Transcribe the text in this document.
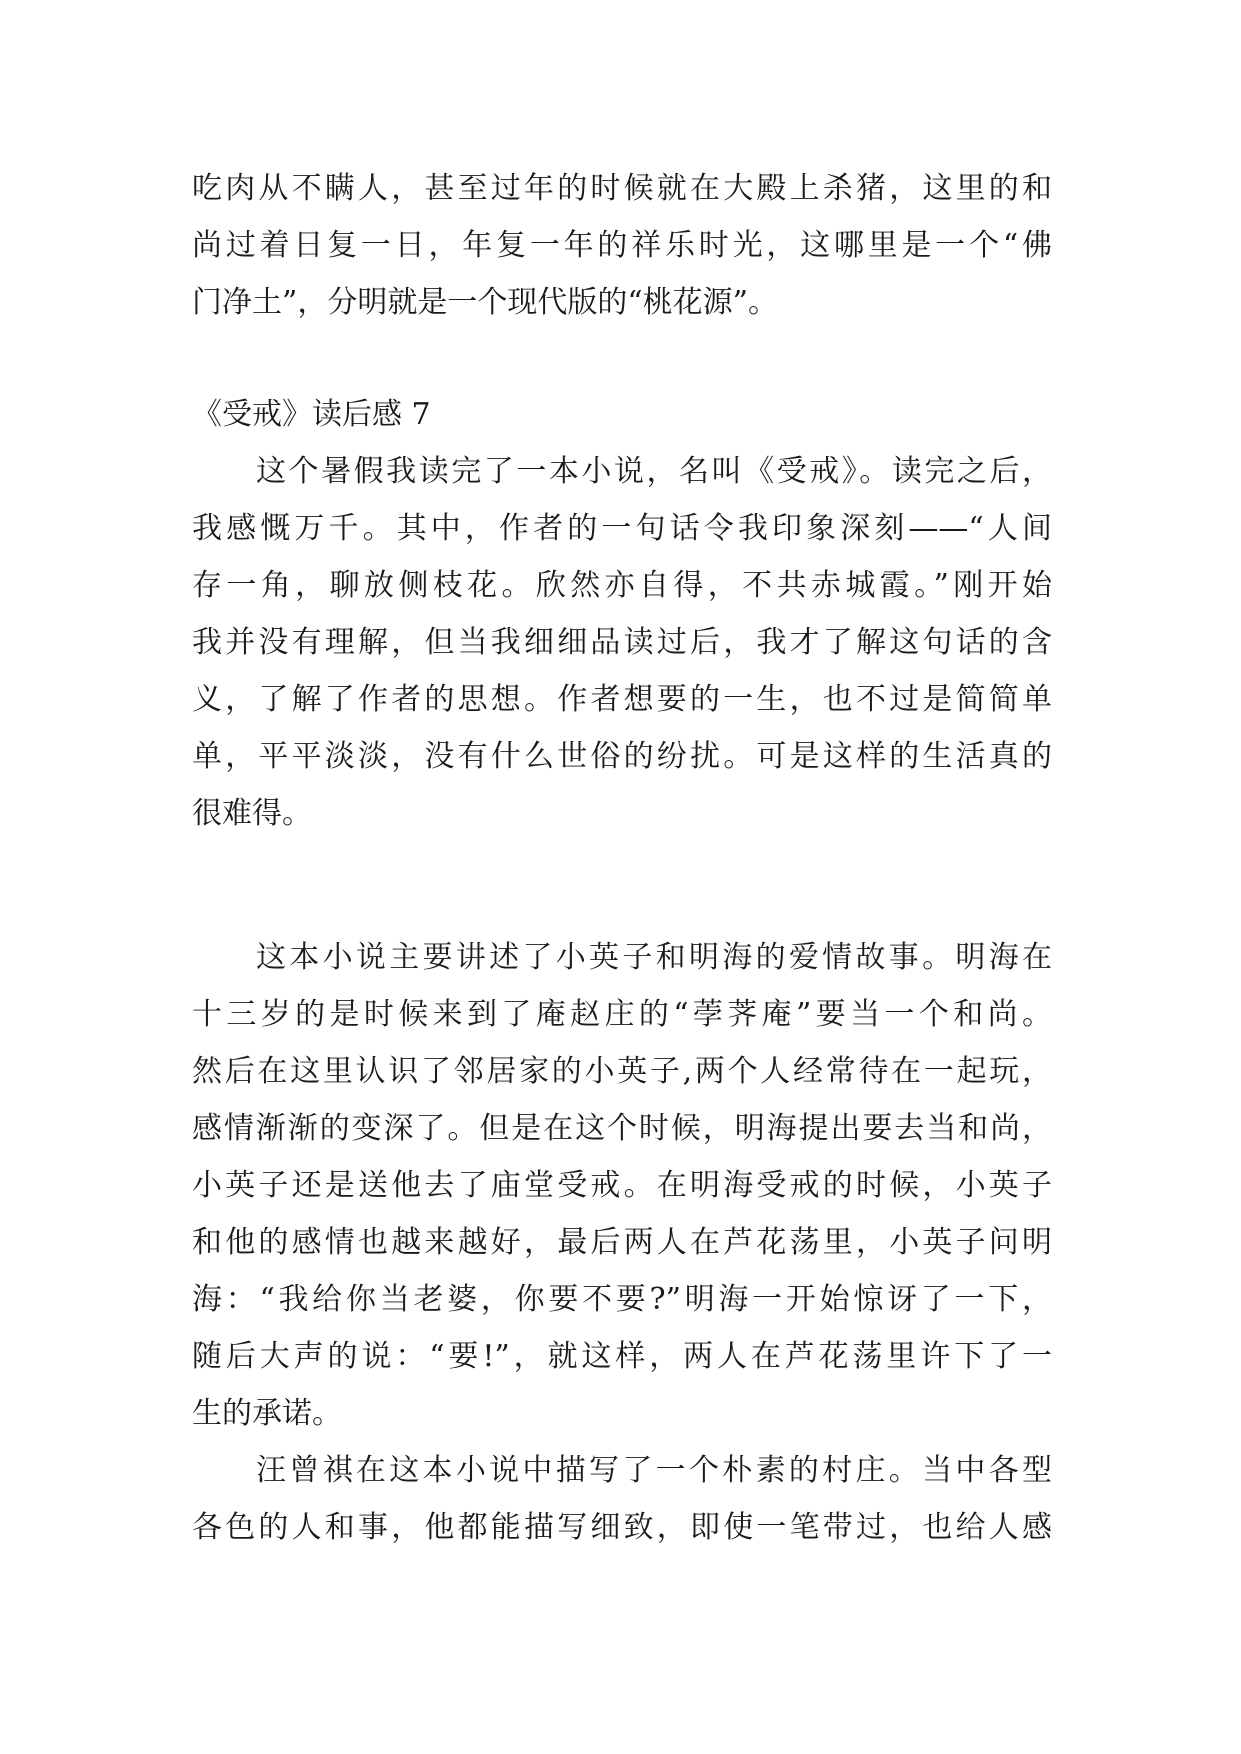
吃肉从不瞒人，甚至过年的时候就在大殿上杀猪，这里的和
尚过着日复一日，年复一年的祥乐时光，这哪里是一个“佛
门净土”，分明就是一个现代版的“桃花源”。
《受戒》读后感 7
这个暑假我读完了一本小说，名叫《受戒》。读完之后，
我感慨万千。其中，作者的一句话令我印象深刻——“人间
存一角，聊放侧枝花。欣然亦自得，不共赤城霞。”刚开始
我并没有理解，但当我细细品读过后，我才了解这句话的含
义，了解了作者的思想。作者想要的一生，也不过是简简单
单，平平淡淡，没有什么世俗的纷扰。可是这样的生活真的
很难得。
这本小说主要讲述了小英子和明海的爱情故事。明海在
十三岁的是时候来到了庵赵庄的“荸荠庵”要当一个和尚。
然后在这里认识了邻居家的小英子,两个人经常待在一起玩，
感情渐渐的变深了。但是在这个时候，明海提出要去当和尚，
小英子还是送他去了庙堂受戒。在明海受戒的时候，小英子
和他的感情也越来越好，最后两人在芦花荡里，小英子问明
海：“我给你当老婆，你要不要?”明海一开始惊讶了一下，
随后大声的说：“要!”，就这样，两人在芦花荡里许下了一
生的承诺。
汪曾祺在这本小说中描写了一个朴素的村庄。当中各型
各色的人和事，他都能描写细致，即使一笔带过，也给人感
